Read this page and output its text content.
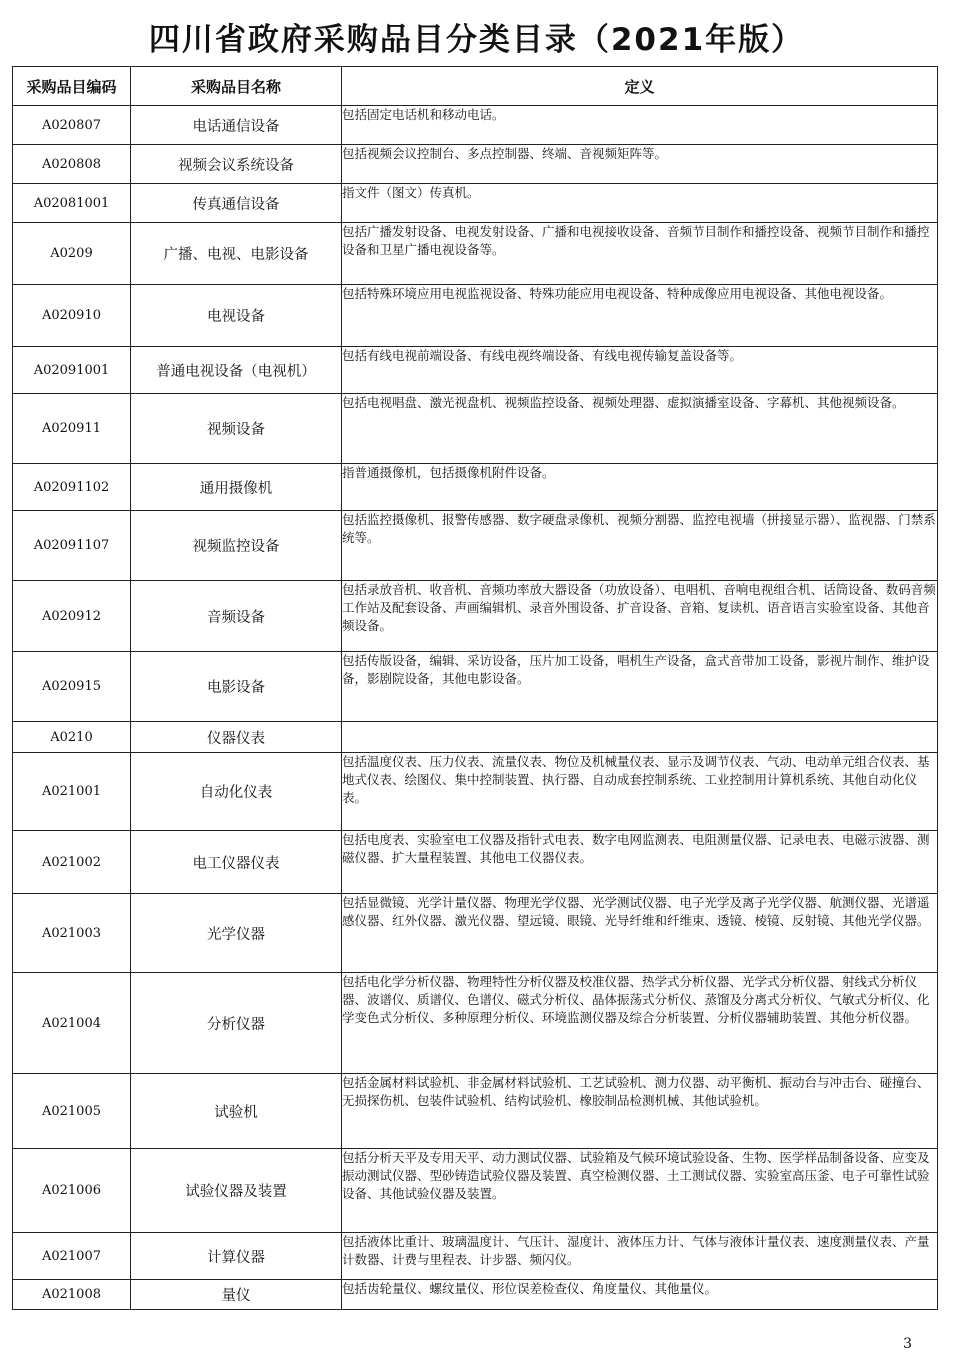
四川省政府采购品目分类目录（2021年版）
采购品目编码	采购品目名称	定义
A020807	电话通信设备	包括固定电话机和移动电话。

A020808	视频会议系统设备	包括视频会议控制台、多点控制器、终端、音视频矩阵等。

A02081001	传真通信设备	指文件（图文）传真机。

A0209	广播、电视、电影设备	包括广播发射设备、电视发射设备、广播和电视接收设备、音频节目制作和播控设备、视频节目制作和播控设备和卫星广播电视设备等。

A020910	电视设备	包括特殊环境应用电视监视设备、特殊功能应用电视设备、特种成像应用电视设备、其他电视设备。

A02091001	普通电视设备（电视机）	包括有线电视前端设备、有线电视终端设备、有线电视传输复盖设备等。

A020911	视频设备	包括电视唱盘、激光视盘机、视频监控设备、视频处理器、虚拟演播室设备、字幕机、其他视频设备。

A02091102	通用摄像机	指普通摄像机，包括摄像机附件设备。

A02091107	视频监控设备	包括监控摄像机、报警传感器、数字硬盘录像机、视频分割器、监控电视墙（拼接显示器）、监视器、门禁系统等。

A020912	音频设备	包括录放音机、收音机、音频功率放大器设备（功放设备）、电唱机、音响电视组合机、话筒设备、数码音频工作站及配套设备、声画编辑机、录音外围设备、扩音设备、音箱、复读机、语音语言实验室设备、其他音频设备。

A020915	电影设备	包括传版设备，编辑、采访设备，压片加工设备，唱机生产设备，盒式音带加工设备，影视片制作、维护设备，影剧院设备，其他电影设备。

A0210	仪器仪表	

A021001	自动化仪表	包括温度仪表、压力仪表、流量仪表、物位及机械量仪表、显示及调节仪表、气动、电动单元组合仪表、基地式仪表、绘图仪、集中控制装置、执行器、自动成套控制系统、工业控制用计算机系统、其他自动化仪表。

A021002	电工仪器仪表	包括电度表、实验室电工仪器及指针式电表、数字电网监测表、电阻测量仪器、记录电表、电磁示波器、测磁仪器、扩大量程装置、其他电工仪器仪表。

A021003	光学仪器	包括显微镜、光学计量仪器、物理光学仪器、光学测试仪器、电子光学及离子光学仪器、航测仪器、光谱遥感仪器、红外仪器、激光仪器、望远镜、眼镜、光导纤维和纤维束、透镜、棱镜、反射镜、其他光学仪器。

A021004	分析仪器	包括电化学分析仪器、物理特性分析仪器及校准仪器、热学式分析仪器、光学式分析仪器、射线式分析仪器、波谱仪、质谱仪、色谱仪、磁式分析仪、晶体振荡式分析仪、蒸馏及分离式分析仪、气敏式分析仪、化学变色式分析仪、多种原理分析仪、环境监测仪器及综合分析装置、分析仪器辅助装置、其他分析仪器。

A021005	试验机	包括金属材料试验机、非金属材料试验机、工艺试验机、测力仪器、动平衡机、振动台与冲击台、碰撞台、无损探伤机、包装件试验机、结构试验机、橡胶制品检测机械、其他试验机。

A021006	试验仪器及装置	包括分析天平及专用天平、动力测试仪器、试验箱及气候环境试验设备、生物、医学样品制备设备、应变及振动测试仪器、型砂铸造试验仪器及装置、真空检测仪器、土工测试仪器、实验室高压釜、电子可靠性试验设备、其他试验仪器及装置。

A021007	计算仪器	包括液体比重计、玻璃温度计、气压计、湿度计、液体压力计、气体与液体计量仪表、速度测量仪表、产量计数器、计费与里程表、计步器、频闪仪。

A021008	量仪	包括齿轮量仪、螺纹量仪、形位误差检查仪、角度量仪、其他量仪。
3
